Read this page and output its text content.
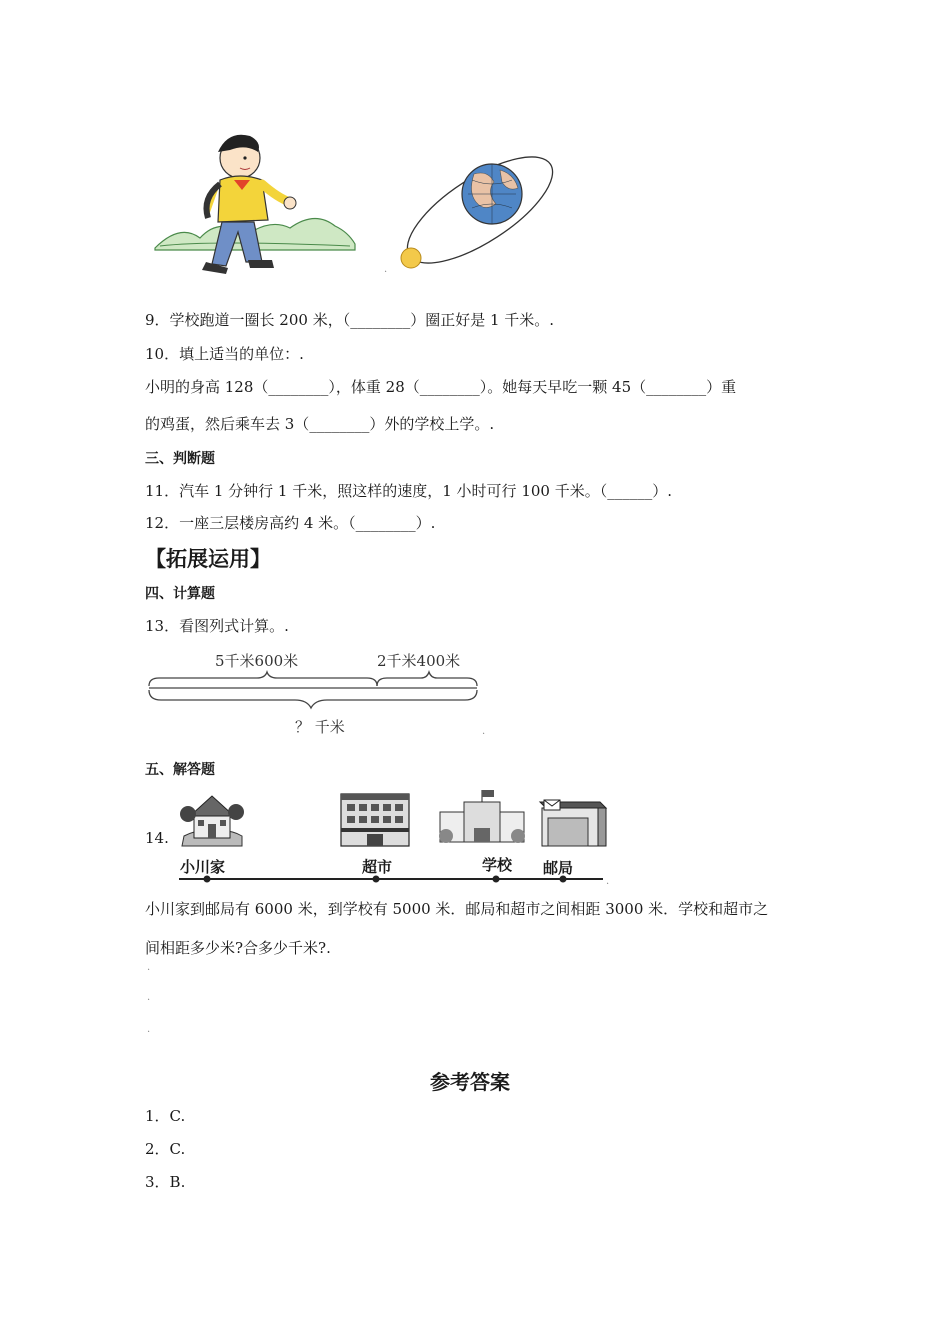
.
9．学校跑道一圈长 200 米，（________）圈正好是 1 千米。.
10．填上适当的单位：.
小明的身高 128（________），体重 28（________）。她每天早吃一颗 45（________）重
的鸡蛋，然后乘车去 3（________）外的学校上学。.
三、判断题
11．汽车 1 分钟行 1 千米，照这样的速度，1 小时可行 100 千米。（______）.
12．一座三层楼房高约 4 米。（________）.
【拓展运用】
四、计算题
13．看图列式计算。.
5千米600米	2千米400米
？ 千米	.
五、解答题
14.
小川家	超市	学校 邮局
.
小川家到邮局有 6000 米，到学校有 5000 米．邮局和超市之间相距 3000 米．学校和超市之
间相距多少米?合多少千米?.
.
.
.
参考答案
1．C.
2．C.
3．B.
